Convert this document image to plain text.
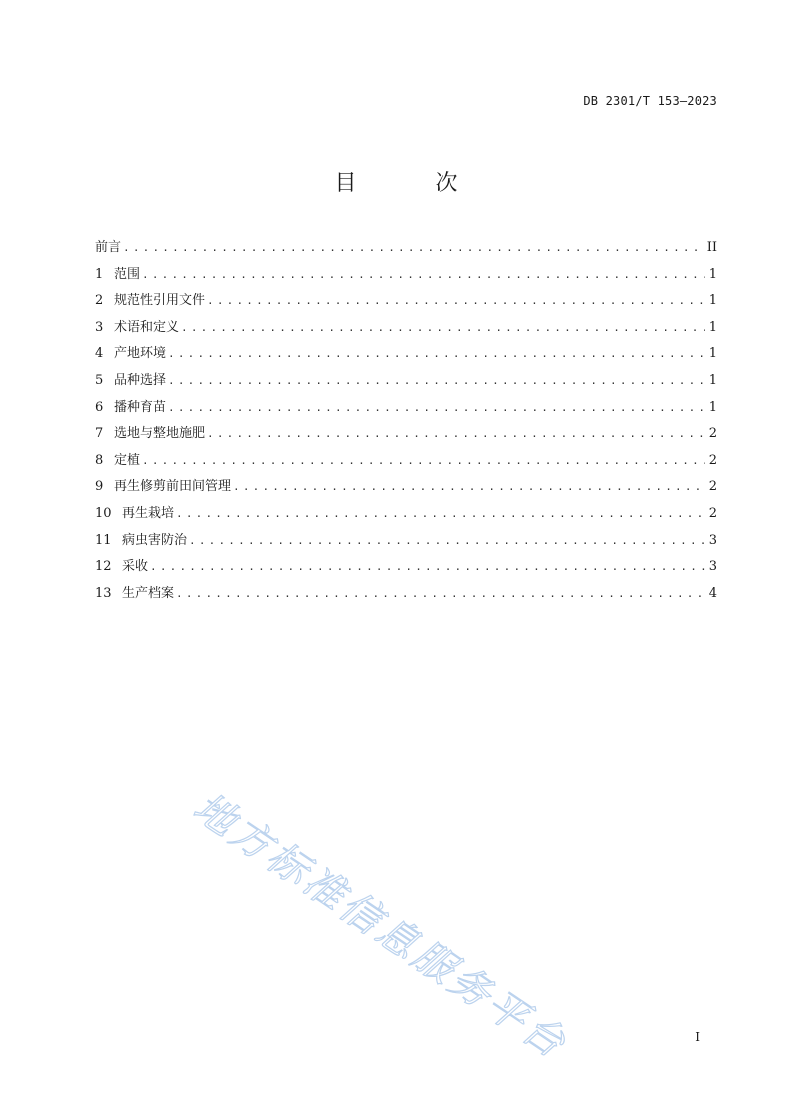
DB 2301/T 153—2023
目 次
前言 .....	II
1 范围 .....	1
2 规范性引用文件 .....	1
3 术语和定义 .....	1
4 产地环境 .....	1
5 品种选择 .....	1
6 播种育苗 .....	1
7 选地与整地施肥 .....	2
8 定植 .....	2
9 再生修剪前田间管理 .....	2
10 再生栽培 .....	2
11 病虫害防治 .....	3
12 采收 .....	3
13 生产档案 .....	4
地方标准信息服务平台	I
